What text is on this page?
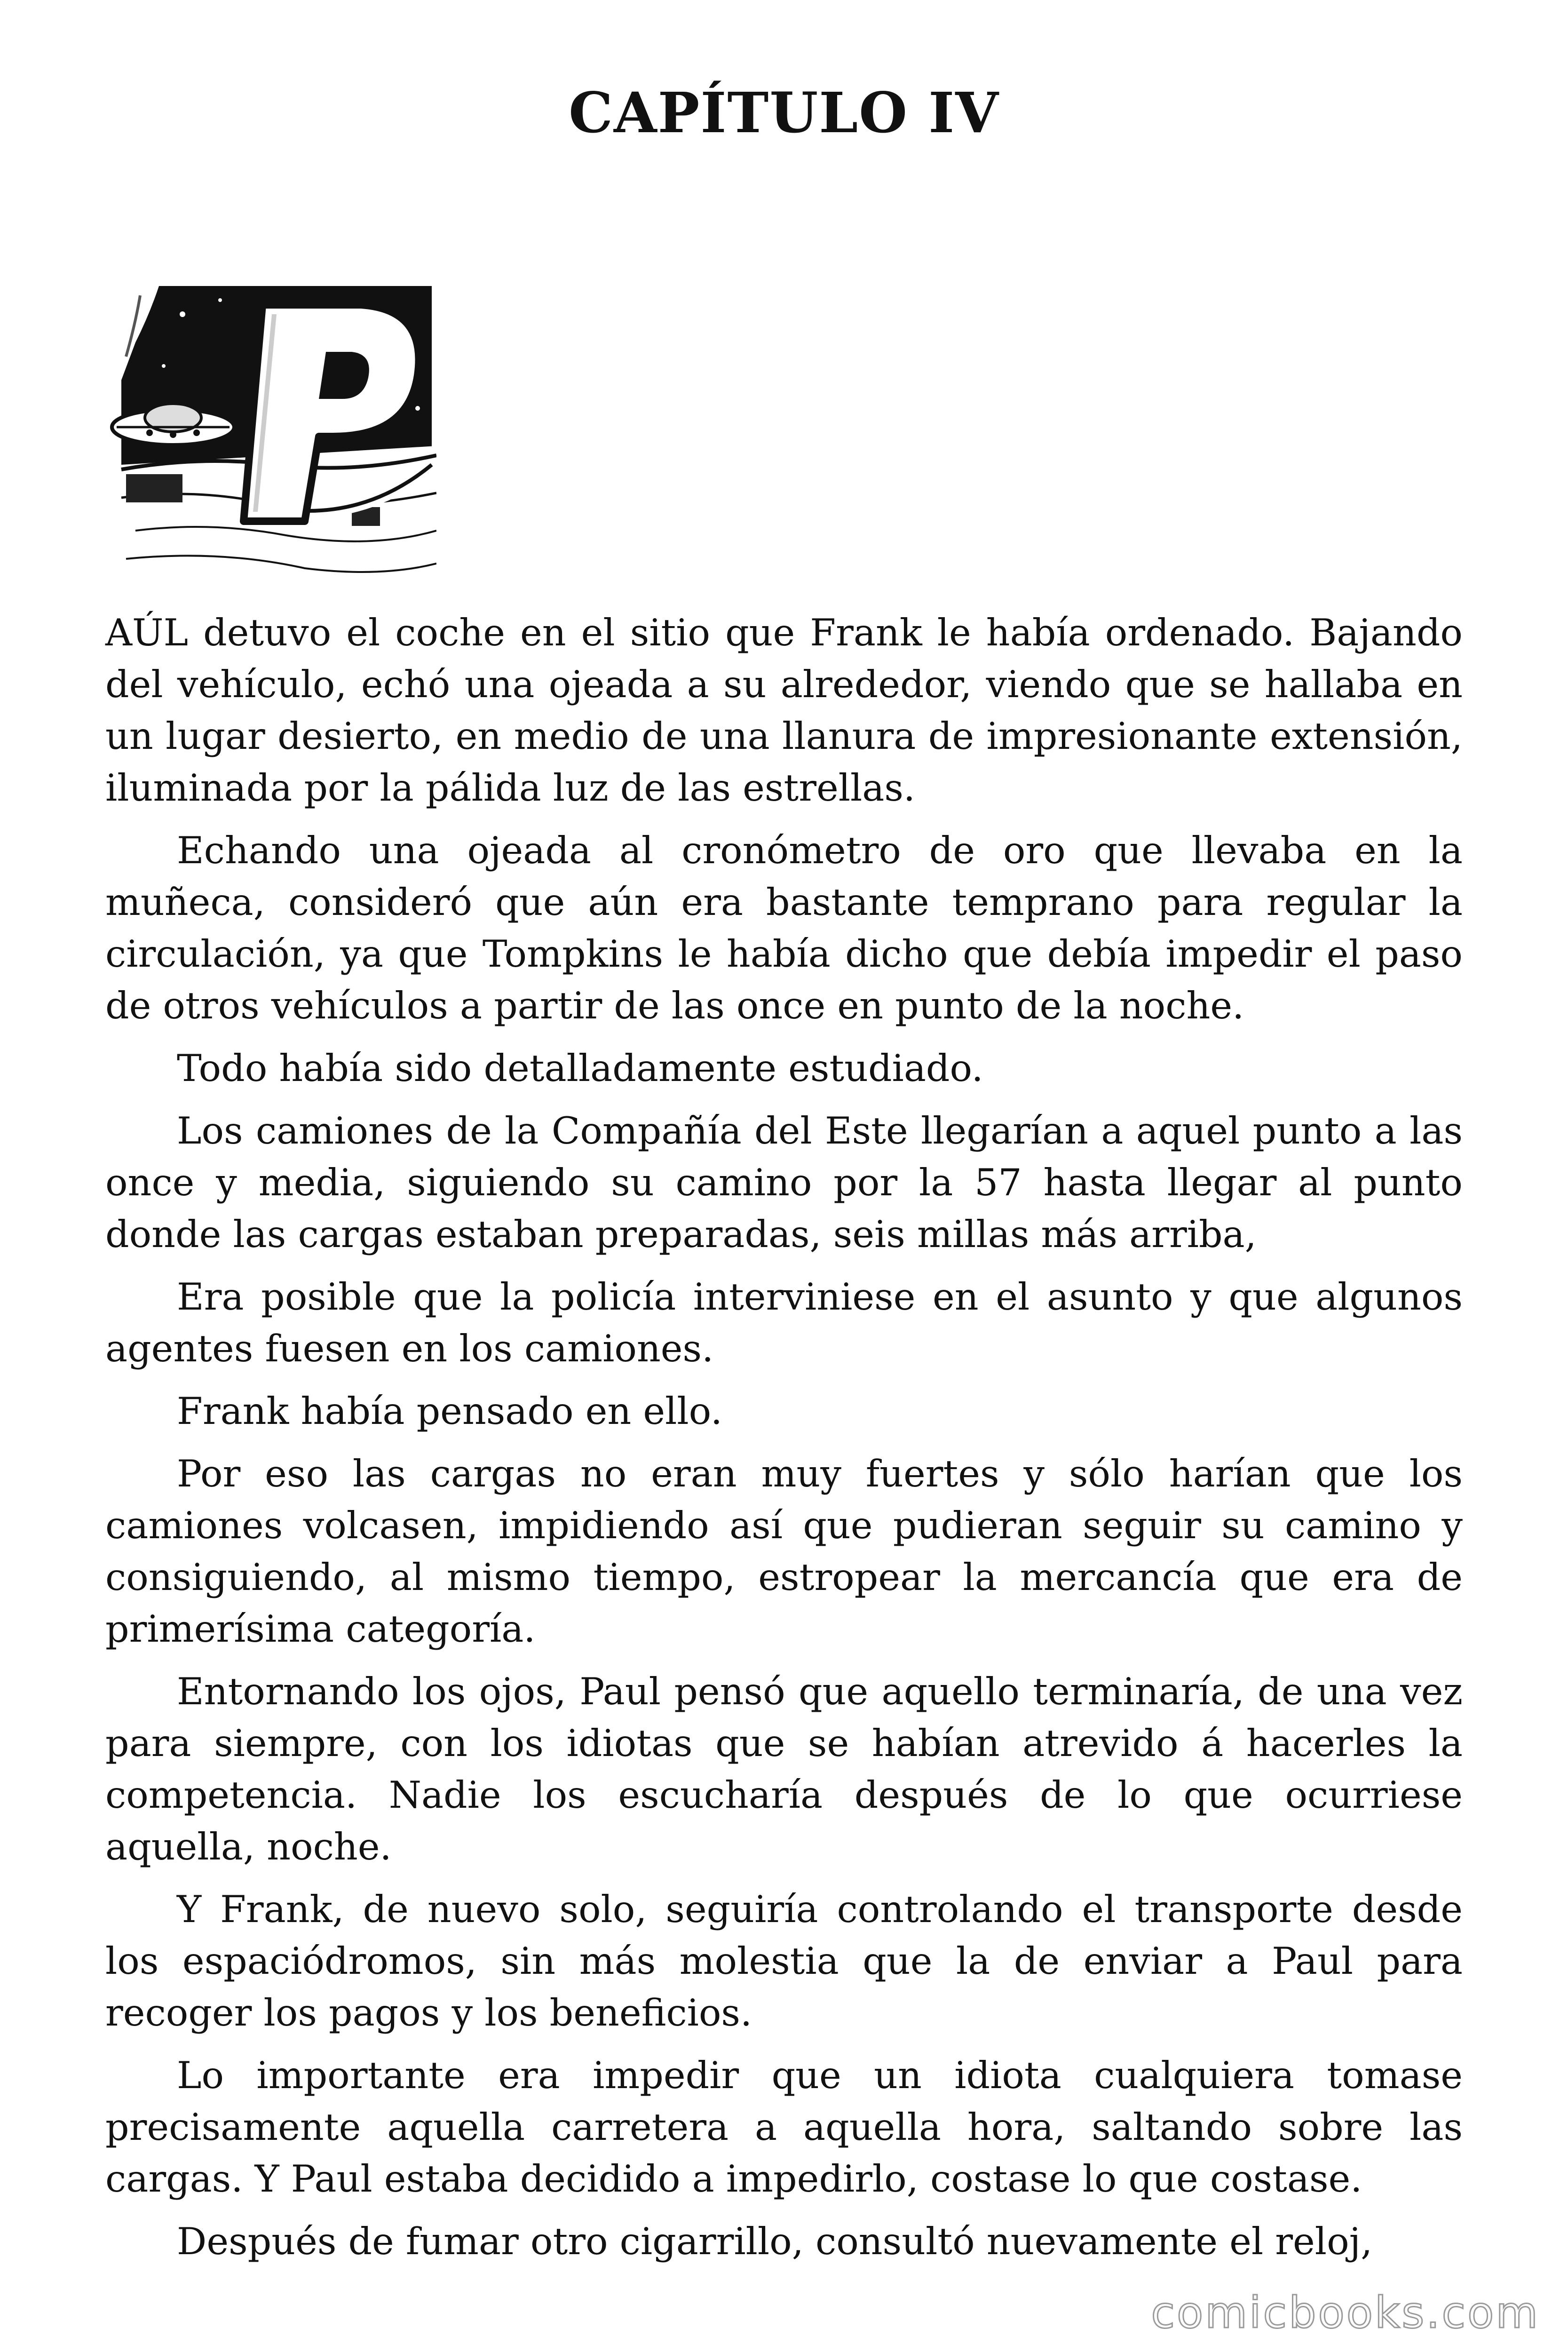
CAPÍTULO IV

AÚL detuvo el coche en el sitio que Frank le había ordenado. Bajando del vehículo, echó una ojeada a su alrededor, viendo que se hallaba en un lugar desierto, en medio de una llanura de impresionante extensión, iluminada por la pálida luz de las estrellas.

Echando una ojeada al cronómetro de oro que llevaba en la muñeca, consideró que aún era bastante temprano para regular la circulación, ya que Tompkins le había dicho que debía impedir el paso de otros vehículos a partir de las once en punto de la noche.

Todo había sido detalladamente estudiado.

Los camiones de la Compañía del Este llegarían a aquel punto a las once y media, siguiendo su camino por la 57 hasta llegar al punto donde las cargas estaban preparadas, seis millas más arriba,

Era posible que la policía interviniese en el asunto y que algunos agentes fuesen en los camiones.

Frank había pensado en ello.

Por eso las cargas no eran muy fuertes y sólo harían que los camiones volcasen, impidiendo así que pudieran seguir su camino y consiguiendo, al mismo tiempo, estropear la mercancía que era de primerísima categoría.

Entornando los ojos, Paul pensó que aquello terminaría, de una vez para siempre, con los idiotas que se habían atrevido á hacerles la competencia. Nadie los escucharía después de lo que ocurriese aquella, noche.

Y Frank, de nuevo solo, seguiría controlando el transporte desde los espaciódromos, sin más molestia que la de enviar a Paul para recoger los pagos y los beneficios.

Lo importante era impedir que un idiota cualquiera tomase precisamente aquella carretera a aquella hora, saltando sobre las cargas. Y Paul estaba decidido a impedirlo, costase lo que costase.

Después de fumar otro cigarrillo, consultó nuevamente el reloj,

comicbooks.com
